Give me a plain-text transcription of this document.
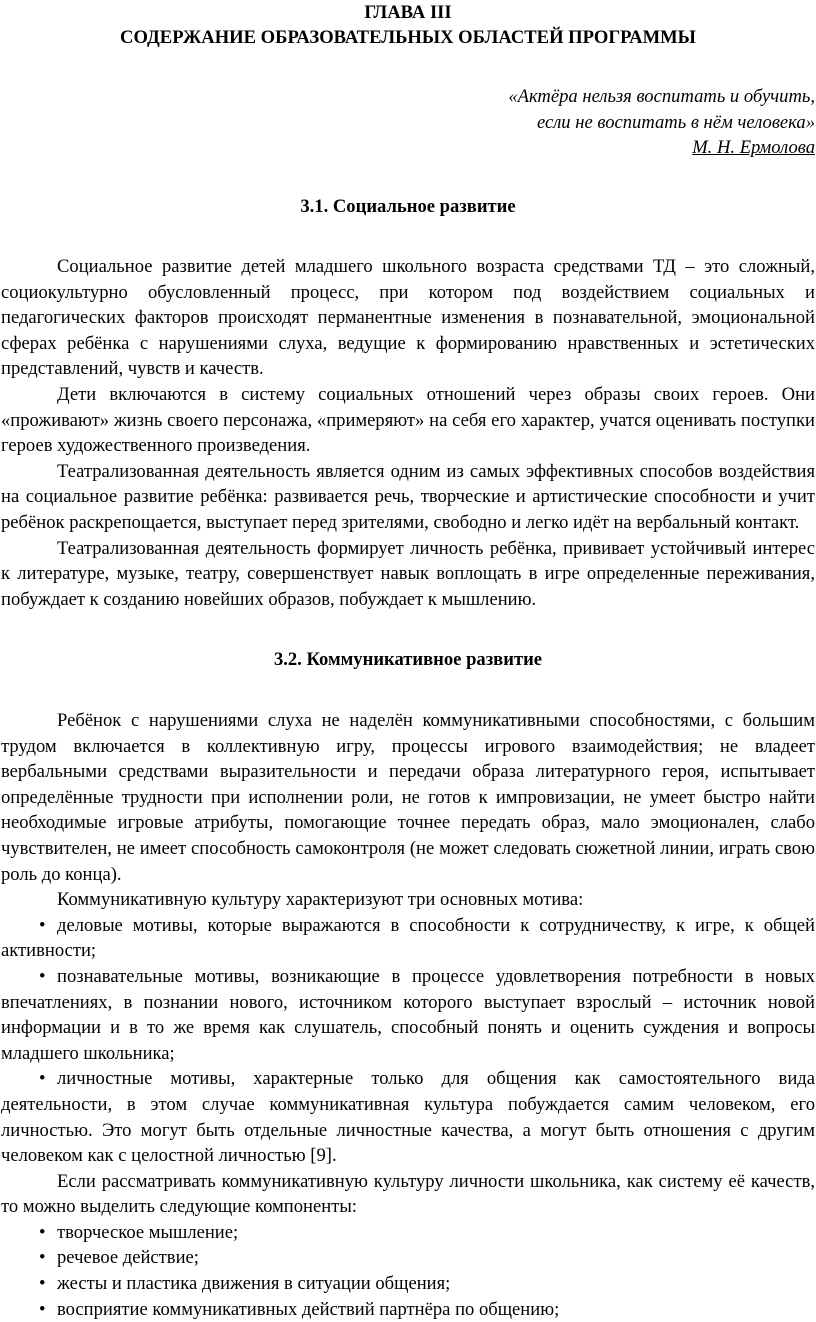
ГЛАВА III
СОДЕРЖАНИЕ ОБРАЗОВАТЕЛЬНЫХ ОБЛАСТЕЙ ПРОГРАММЫ
«Актёра нельзя воспитать и обучить,
если не воспитать в нём человека»
М. Н. Ермолова
3.1. Социальное развитие

Социальное развитие детей младшего школьного возраста средствами ТД – это сложный, социокультурно обусловленный процесс, при котором под воздействием социальных и педагогических факторов происходят перманентные изменения в познавательной, эмоциональной сферах ребёнка с нарушениями слуха, ведущие к формированию нравственных и эстетических представлений, чувств и качеств.

Дети включаются в систему социальных отношений через образы своих героев. Они «проживают» жизнь своего персонажа, «примеряют» на себя его характер, учатся оценивать поступки героев художественного произведения.

Театрализованная деятельность является одним из самых эффективных способов воздействия на социальное развитие ребёнка: развивается речь, творческие и артистические способности и учит ребёнок раскрепощается, выступает перед зрителями, свободно и легко идёт на вербальный контакт.

Театрализованная деятельность формирует личность ребёнка, прививает устойчивый интерес к литературе, музыке, театру, совершенствует навык воплощать в игре определенные переживания, побуждает к созданию новейших образов, побуждает к мышлению.

3.2. Коммуникативное развитие

Ребёнок с нарушениями слуха не наделён коммуникативными способностями, с большим трудом включается в коллективную игру, процессы игрового взаимодействия; не владеет вербальными средствами выразительности и передачи образа литературного героя, испытывает определённые трудности при исполнении роли, не готов к импровизации, не умеет быстро найти необходимые игровые атрибуты, помогающие точнее передать образ, мало эмоционален, слабо чувствителен, не имеет способность самоконтроля (не может следовать сюжетной линии, играть свою роль до конца).

Коммуникативную культуру характеризуют три основных мотива:

• деловые мотивы, которые выражаются в способности к сотрудничеству, к игре, к общей активности;

• познавательные мотивы, возникающие в процессе удовлетворения потребности в новых впечатлениях, в познании нового, источником которого выступает взрослый – источник новой информации и в то же время как слушатель, способный понять и оценить суждения и вопросы младшего школьника;

• личностные мотивы, характерные только для общения как самостоятельного вида деятельности, в этом случае коммуникативная культура побуждается самим человеком, его личностью. Это могут быть отдельные личностные качества, а могут быть отношения с другим человеком как с целостной личностью [9].

Если рассматривать коммуникативную культуру личности школьника, как систему её качеств, то можно выделить следующие компоненты:

• творческое мышление;

• речевое действие;

• жесты и пластика движения в ситуации общения;

• восприятие коммуникативных действий партнёра по общению;
